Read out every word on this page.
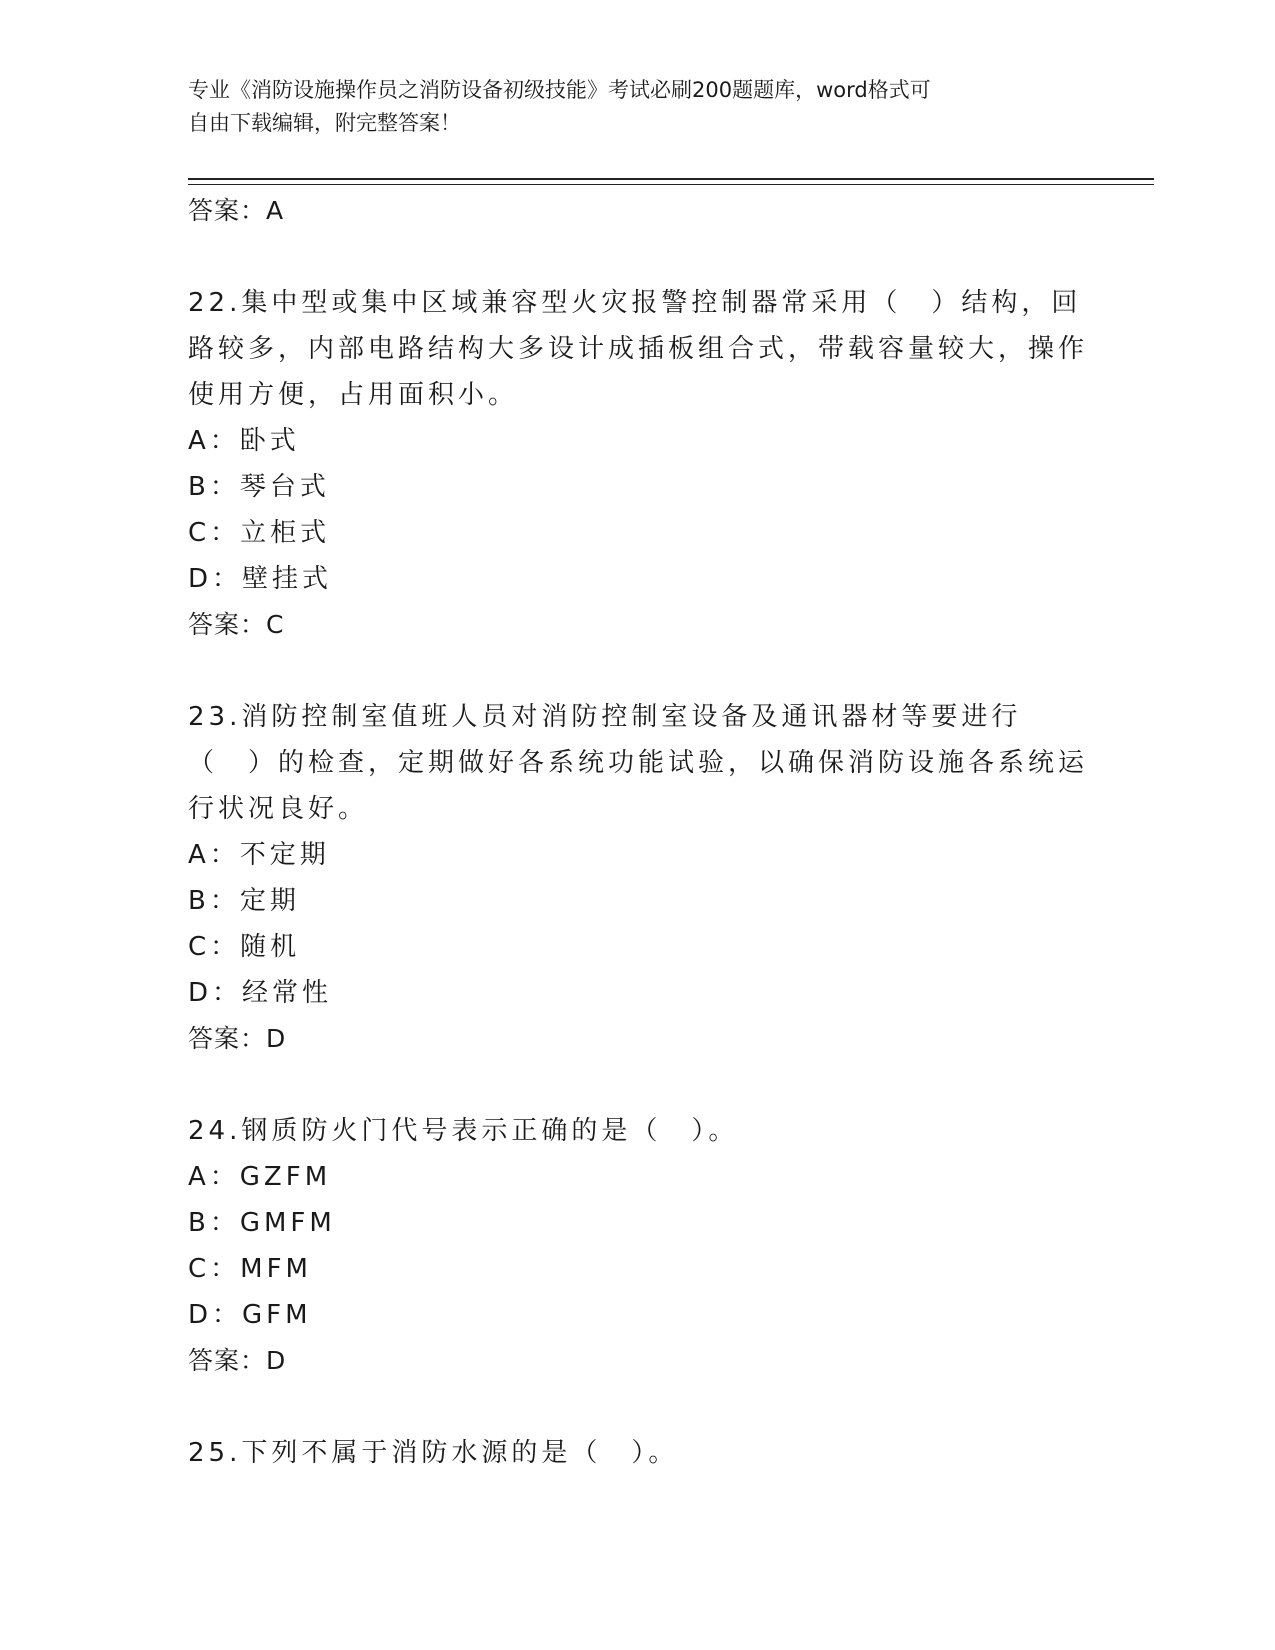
专业《消防设施操作员之消防设备初级技能》考试必刷200题题库，word格式可
自由下载编辑，附完整答案！
答案：A
22.集中型或集中区域兼容型火灾报警控制器常采用（　）结构，回路较多，内部电路结构大多设计成插板组合式，带载容量较大，操作使用方便，占用面积小。
A：卧式
B：琴台式
C：立柜式
D：壁挂式
答案：C
23.消防控制室值班人员对消防控制室设备及通讯器材等要进行（　）的检查，定期做好各系统功能试验，以确保消防设施各系统运行状况良好。
A：不定期
B：定期
C：随机
D：经常性
答案：D
24.钢质防火门代号表示正确的是（　）。
A：GZFM
B：GMFM
C：MFM
D：GFM
答案：D
25.下列不属于消防水源的是（　）。
